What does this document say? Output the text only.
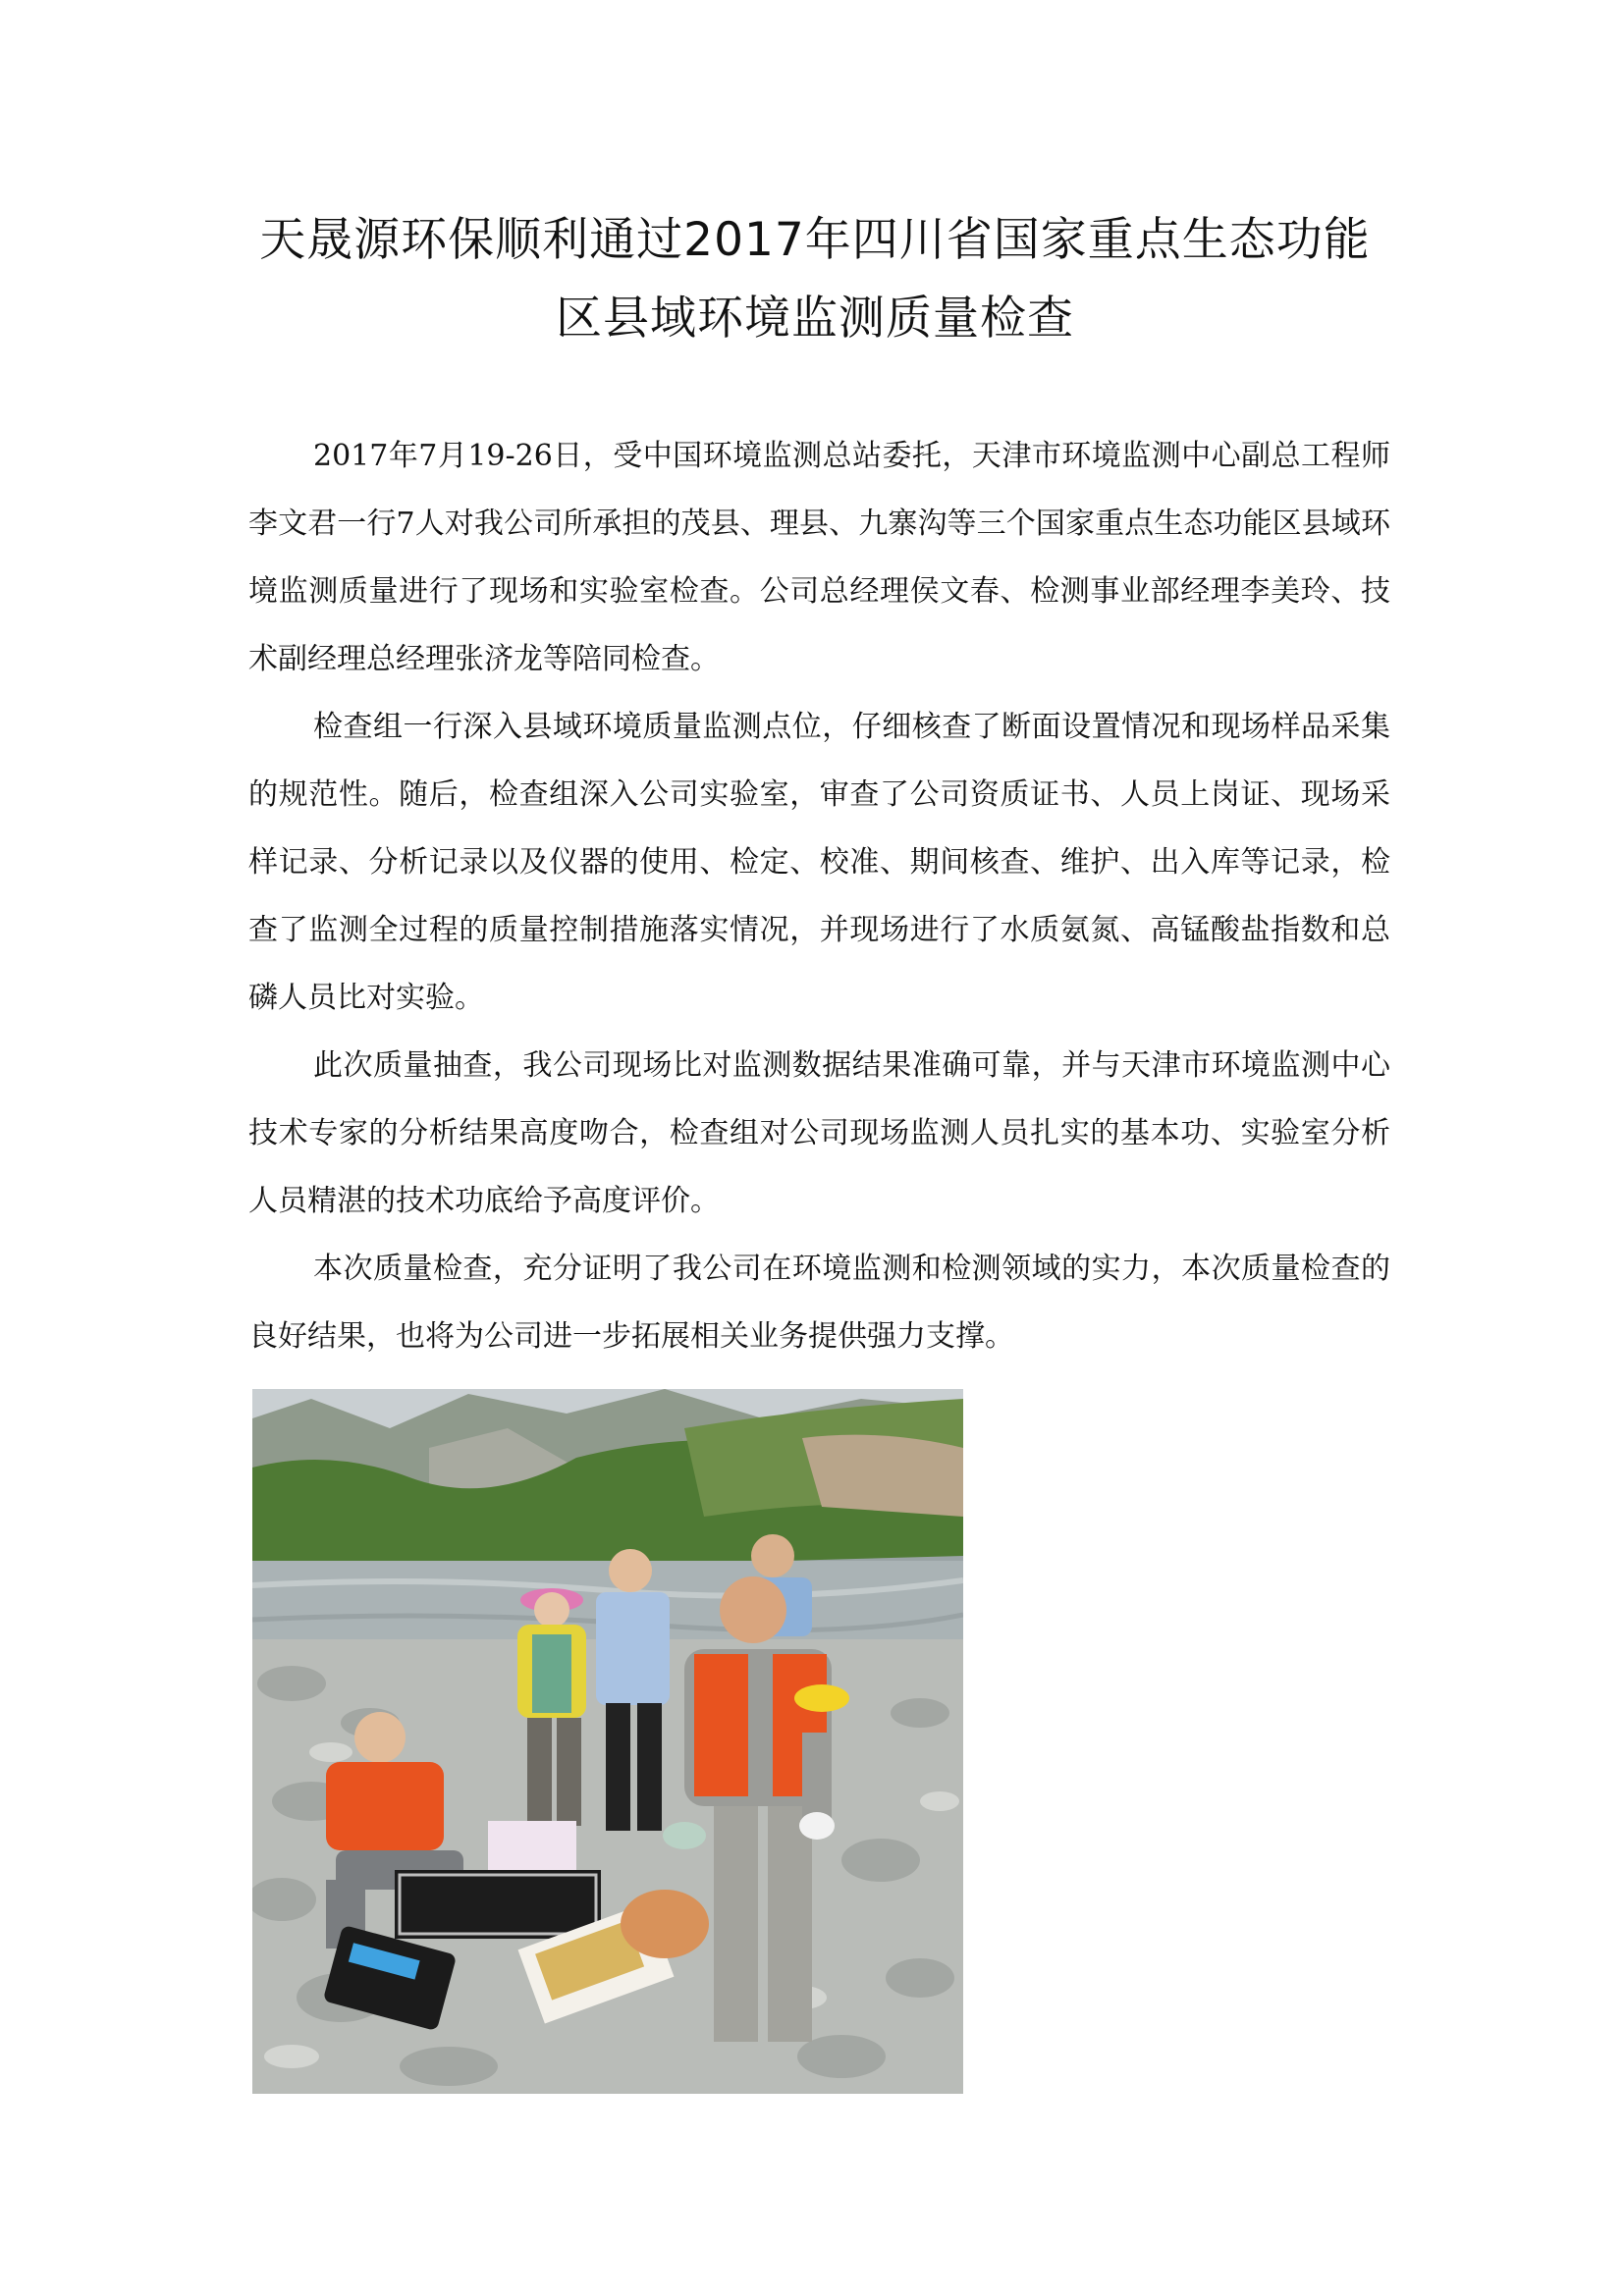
天晟源环保顺利通过2017年四川省国家重点生态功能
区县域环境监测质量检查

2017年7月19-26日，受中国环境监测总站委托，天津市环境监测中心副总工程师李文君一行7人对我公司所承担的茂县、理县、九寨沟等三个国家重点生态功能区县域环境监测质量进行了现场和实验室检查。公司总经理侯文春、检测事业部经理李美玲、技术副经理总经理张济龙等陪同检查。

检查组一行深入县域环境质量监测点位，仔细核查了断面设置情况和现场样品采集的规范性。随后，检查组深入公司实验室，审查了公司资质证书、人员上岗证、现场采样记录、分析记录以及仪器的使用、检定、校准、期间核查、维护、出入库等记录，检查了监测全过程的质量控制措施落实情况，并现场进行了水质氨氮、高锰酸盐指数和总磷人员比对实验。

此次质量抽查，我公司现场比对监测数据结果准确可靠，并与天津市环境监测中心技术专家的分析结果高度吻合，检查组对公司现场监测人员扎实的基本功、实验室分析人员精湛的技术功底给予高度评价。

本次质量检查，充分证明了我公司在环境监测和检测领域的实力，本次质量检查的良好结果，也将为公司进一步拓展相关业务提供强力支撑。
